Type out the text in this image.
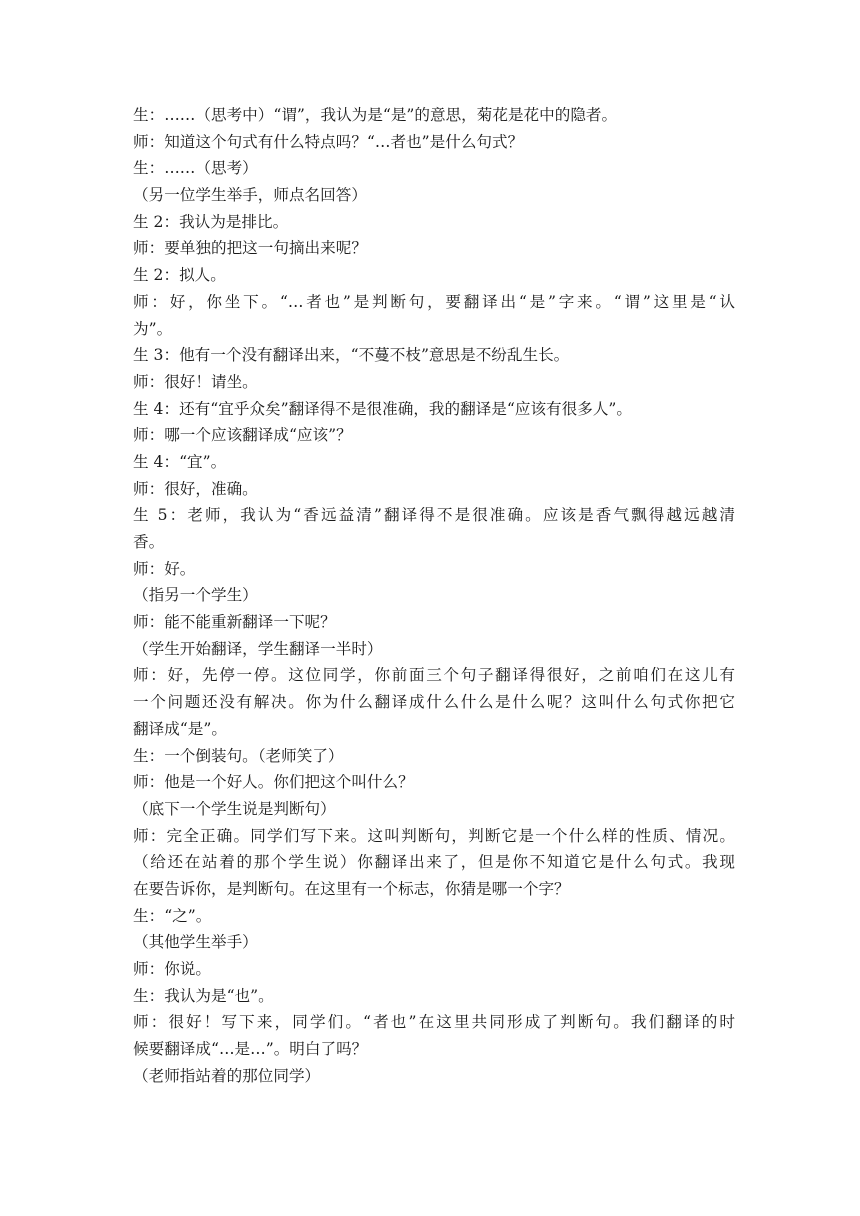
生：……（思考中）“谓”，我认为是“是”的意思，菊花是花中的隐者。

师：知道这个句式有什么特点吗？“…者也”是什么句式？

生：……（思考）

（另一位学生举手，师点名回答）

生 2：我认为是排比。

师：要单独的把这一句摘出来呢？

生 2：拟人。

师：好，你坐下。“…者也”是判断句，要翻译出“是”字来。“谓”这里是“认

为”。

生 3：他有一个没有翻译出来，“不蔓不枝”意思是不纷乱生长。

师：很好！请坐。

生 4：还有“宜乎众矣”翻译得不是很准确，我的翻译是“应该有很多人”。

师：哪一个应该翻译成“应该”？

生 4：“宜”。

师：很好，准确。

生 5：老师，我认为“香远益清”翻译得不是很准确。应该是香气飘得越远越清

香。

师：好。

（指另一个学生）

师：能不能重新翻译一下呢？

（学生开始翻译，学生翻译一半时）

师：好，先停一停。这位同学，你前面三个句子翻译得很好，之前咱们在这儿有

一个问题还没有解决。你为什么翻译成什么什么是什么呢？这叫什么句式你把它

翻译成“是”。

生：一个倒装句。（老师笑了）

师：他是一个好人。你们把这个叫什么？

（底下一个学生说是判断句）

师：完全正确。同学们写下来。这叫判断句，判断它是一个什么样的性质、情况。

（给还在站着的那个学生说）你翻译出来了，但是你不知道它是什么句式。我现

在要告诉你，是判断句。在这里有一个标志，你猜是哪一个字？

生：“之”。

（其他学生举手）

师：你说。

生：我认为是“也”。

师：很好！写下来，同学们。“者也”在这里共同形成了判断句。我们翻译的时

候要翻译成“…是…”。明白了吗？

（老师指站着的那位同学）
